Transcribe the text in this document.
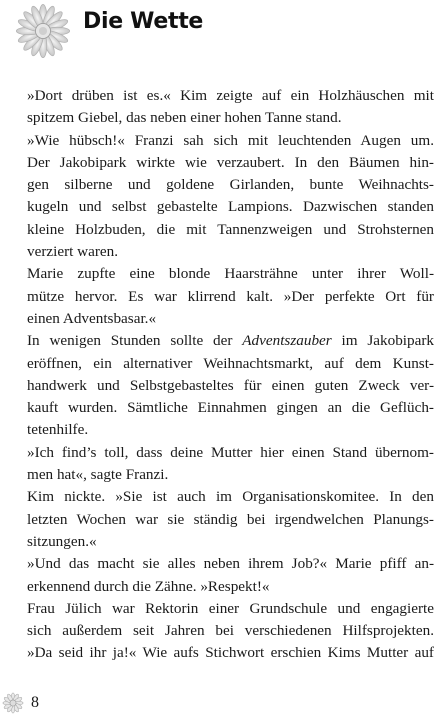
Die Wette
»Dort drüben ist es.« Kim zeigte auf ein Holzhäuschen mit
spitzem Giebel, das neben einer hohen Tanne stand.
»Wie hübsch!« Franzi sah sich mit leuchtenden Augen um.
Der Jakobipark wirkte wie verzaubert. In den Bäumen hin-
gen silberne und goldene Girlanden, bunte Weihnachts-
kugeln und selbst gebastelte Lampions. Dazwischen standen
kleine Holzbuden, die mit Tannenzweigen und Strohsternen
verziert waren.
Marie zupfte eine blonde Haarsträhne unter ihrer Woll-
mütze hervor. Es war klirrend kalt. »Der perfekte Ort für
einen Adventsbasar.«
In wenigen Stunden sollte der Adventszauber im Jakobipark
eröffnen, ein alternativer Weihnachtsmarkt, auf dem Kunst-
handwerk und Selbstgebasteltes für einen guten Zweck ver-
kauft wurden. Sämtliche Einnahmen gingen an die Geflüch-
tetenhilfe.
»Ich find’s toll, dass deine Mutter hier einen Stand übernom-
men hat«, sagte Franzi.
Kim nickte. »Sie ist auch im Organisationskomitee. In den
letzten Wochen war sie ständig bei irgendwelchen Planungs-
sitzungen.«
»Und das macht sie alles neben ihrem Job?« Marie pfiff an-
erkennend durch die Zähne. »Respekt!«
Frau Jülich war Rektorin einer Grundschule und engagierte
sich außerdem seit Jahren bei verschiedenen Hilfsprojekten.
»Da seid ihr ja!« Wie aufs Stichwort erschien Kims Mutter auf
8
